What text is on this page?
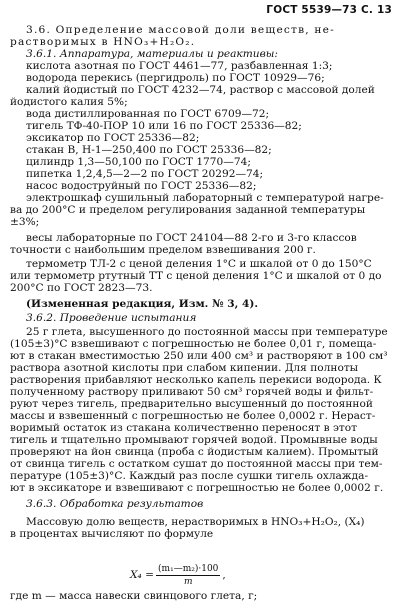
ГОСТ 5539—73 С. 13
3.6. Определение массовой доли веществ, не-
растворимых в HNO₃+H₂O₂.
3.6.1. Аппаратура, материалы и реактивы:
кислота азотная по ГОСТ 4461—77, разбавленная 1:3;
водорода перекись (пергидроль) по ГОСТ 10929—76;
калий йодистый по ГОСТ 4232—74, раствор с массовой долей
йодистого калия 5%;
вода дистиллированная по ГОСТ 6709—72;
тигель ТФ-40-ПОР 10 или 16 по ГОСТ 25336—82;
эксикатор по ГОСТ 25336—82;
стакан В, Н-1—250,400 по ГОСТ 25336—82;
цилиндр 1,3—50,100 по ГОСТ 1770—74;
пипетка 1,2,4,5—2—2 по ГОСТ 20292—74;
насос водоструйный по ГОСТ 25336—82;
электрошкаф сушильный лабораторный с температурой нагре-
ва до 200°С и пределом регулирования заданной температуры
±3%;
весы лабораторные по ГОСТ 24104—88 2-го и 3-го классов
точности с наибольшим пределом взвешивания 200 г.
термометр ТЛ-2 с ценой деления 1°С и шкалой от 0 до 150°С
или термометр ртутный ТТ с ценой деления 1°С и шкалой от 0 до
200°С по ГОСТ 2823—73.
(Измененная редакция, Изм. № 3, 4).
3.6.2. Проведение испытания
25 г глета, высушенного до постоянной массы при температуре
(105±3)°С взвешивают с погрешностью не более 0,01 г, помещa-
ют в стакан вместимостью 250 или 400 см³ и растворяют в 100 см³
раствора азотной кислоты при слабом кипении. Для полноты
растворения прибавляют несколько капель перекиси водорода. К
полученному раствору приливают 50 см³ горячей воды и фильт-
руют через тигель, предварительно высушенный до постоянной
массы и взвешенный с погрешностью не более 0,0002 г. Нераст-
воримый остаток из стакана количественно переносят в этот
тигель и тщательно промывают горячей водой. Промывные воды
проверяют на йон свинца (проба с йодистым калием). Промытый
от свинца тигель с остатком сушат до постоянной массы при тем-
пературе (105±3)°С. Каждый раз после сушки тигель охлаждa-
ют в эксикаторе и взвешивают с погрешностью не более 0,0002 г.
3.6.3. Обработка результатов
Массовую долю веществ, нерастворимых в HNO₃+H₂O₂, (X₄)
в процентах вычисляют по формуле
$X_4 = \frac{\text{(m₁—m₂)·100}}{m}$ ,
где m — масса навески свинцового глета, г;
